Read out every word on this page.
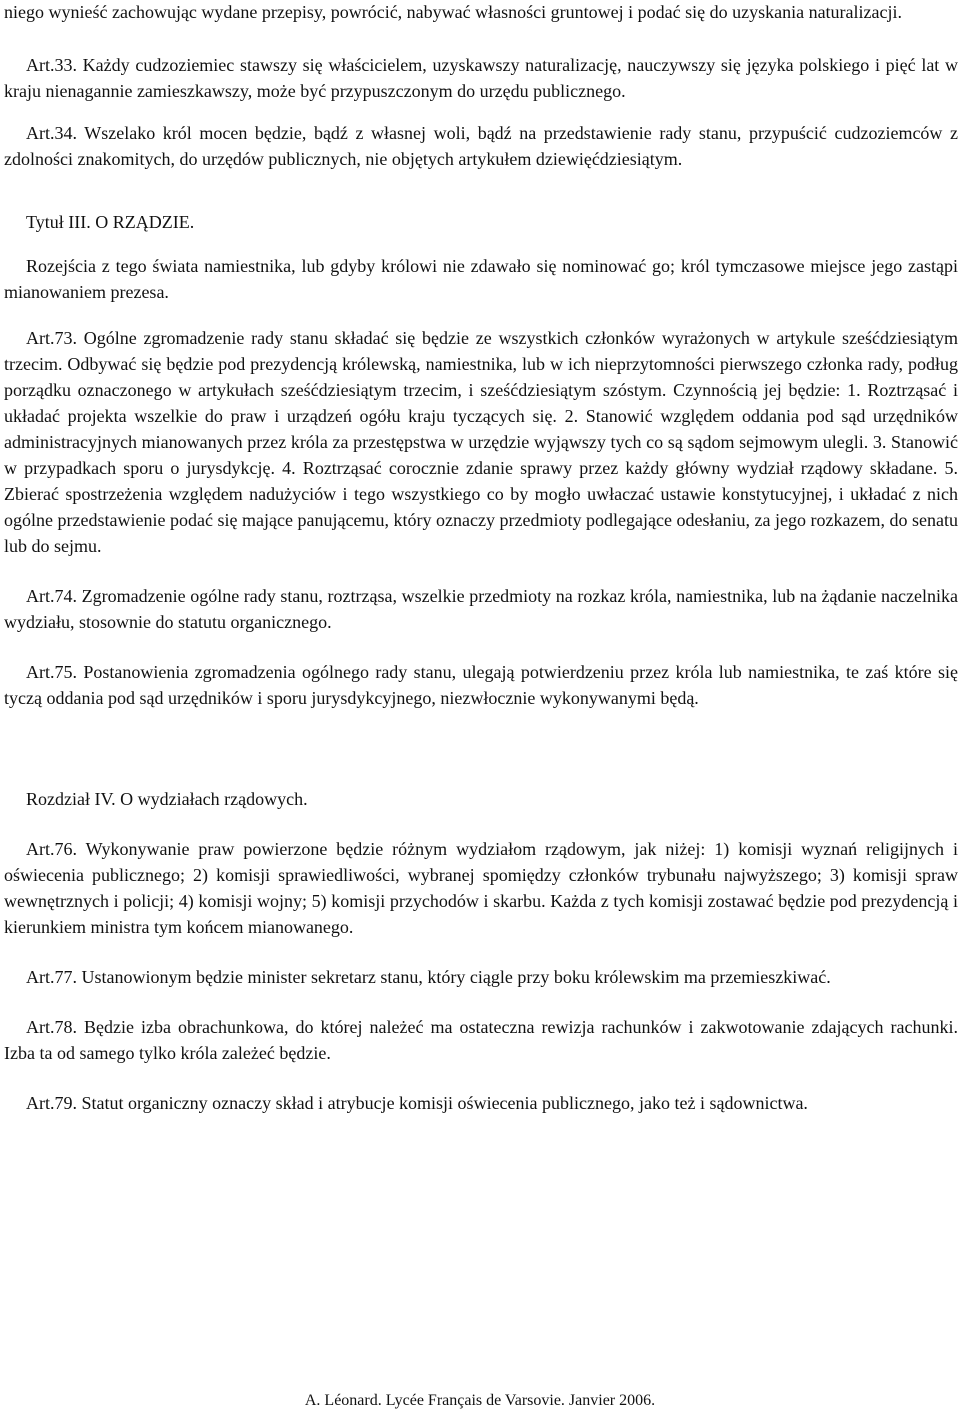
niego wynieść zachowując wydane przepisy, powrócić, nabywać własności gruntowej i podać się do uzyskania naturalizacji.

Art.33. Każdy cudzoziemiec stawszy się właścicielem, uzyskawszy naturalizację, nauczywszy się języka polskiego i pięć lat w kraju nienagannie zamieszkawszy, może być przypuszczonym do urzędu publicznego.

Art.34. Wszelako król mocen będzie, bądź z własnej woli, bądź na przedstawienie rady stanu, przypuścić cudzoziemców z zdolności znakomitych, do urzędów publicznych, nie objętych artykułem dziewięćdziesiątym.

Tytuł III. O RZĄDZIE.

Rozejścia z tego świata namiestnika, lub gdyby królowi nie zdawało się nominować go; król tymczasowe miejsce jego zastąpi mianowaniem prezesa.

Art.73. Ogólne zgromadzenie rady stanu składać się będzie ze wszystkich członków wyrażonych w artykule sześćdziesiątym trzecim. Odbywać się będzie pod prezydencją królewską, namiestnika, lub w ich nieprzytomności pierwszego członka rady, podług porządku oznaczonego w artykułach sześćdziesiątym trzecim, i sześćdziesiątym szóstym. Czynnością jej będzie: 1. Roztrząsać i układać projekta wszelkie do praw i urządzeń ogółu kraju tyczących się. 2. Stanowić względem oddania pod sąd urzędników administracyjnych mianowanych przez króla za przestępstwa w urzędzie wyjąwszy tych co są sądom sejmowym ulegli. 3. Stanowić w przypadkach sporu o jurysdykcję. 4. Roztrząsać corocznie zdanie sprawy przez każdy główny wydział rządowy składane. 5. Zbierać spostrzeżenia względem nadużyciów i tego wszystkiego co by mogło uwłaczać ustawie konstytucyjnej, i układać z nich ogólne przedstawienie podać się mające panującemu, który oznaczy przedmioty podlegające odesłaniu, za jego rozkazem, do senatu lub do sejmu.

Art.74. Zgromadzenie ogólne rady stanu, roztrząsa, wszelkie przedmioty na rozkaz króla, namiestnika, lub na żądanie naczelnika wydziału, stosownie do statutu organicznego.

Art.75. Postanowienia zgromadzenia ogólnego rady stanu, ulegają potwierdzeniu przez króla lub namiestnika, te zaś które się tyczą oddania pod sąd urzędników i sporu jurysdykcyjnego, niezwłocznie wykonywanymi będą.

Rozdział IV. O wydziałach rządowych.

Art.76. Wykonywanie praw powierzone będzie różnym wydziałom rządowym, jak niżej: 1) komisji wyznań religijnych i oświecenia publicznego; 2) komisji sprawiedliwości, wybranej spomiędzy członków trybunału najwyższego; 3) komisji spraw wewnętrznych i policji; 4) komisji wojny; 5) komisji przychodów i skarbu. Każda z tych komisji zostawać będzie pod prezydencją i kierunkiem ministra tym końcem mianowanego.

Art.77. Ustanowionym będzie minister sekretarz stanu, który ciągle przy boku królewskim ma przemieszkiwać.

Art.78. Będzie izba obrachunkowa, do której należeć ma ostateczna rewizja rachunków i zakwotowanie zdających rachunki. Izba ta od samego tylko króla zależeć będzie.

Art.79. Statut organiczny oznaczy skład i atrybucje komisji oświecenia publicznego, jako też i sądownictwa.

A. Léonard. Lycée Français de Varsovie. Janvier 2006.
